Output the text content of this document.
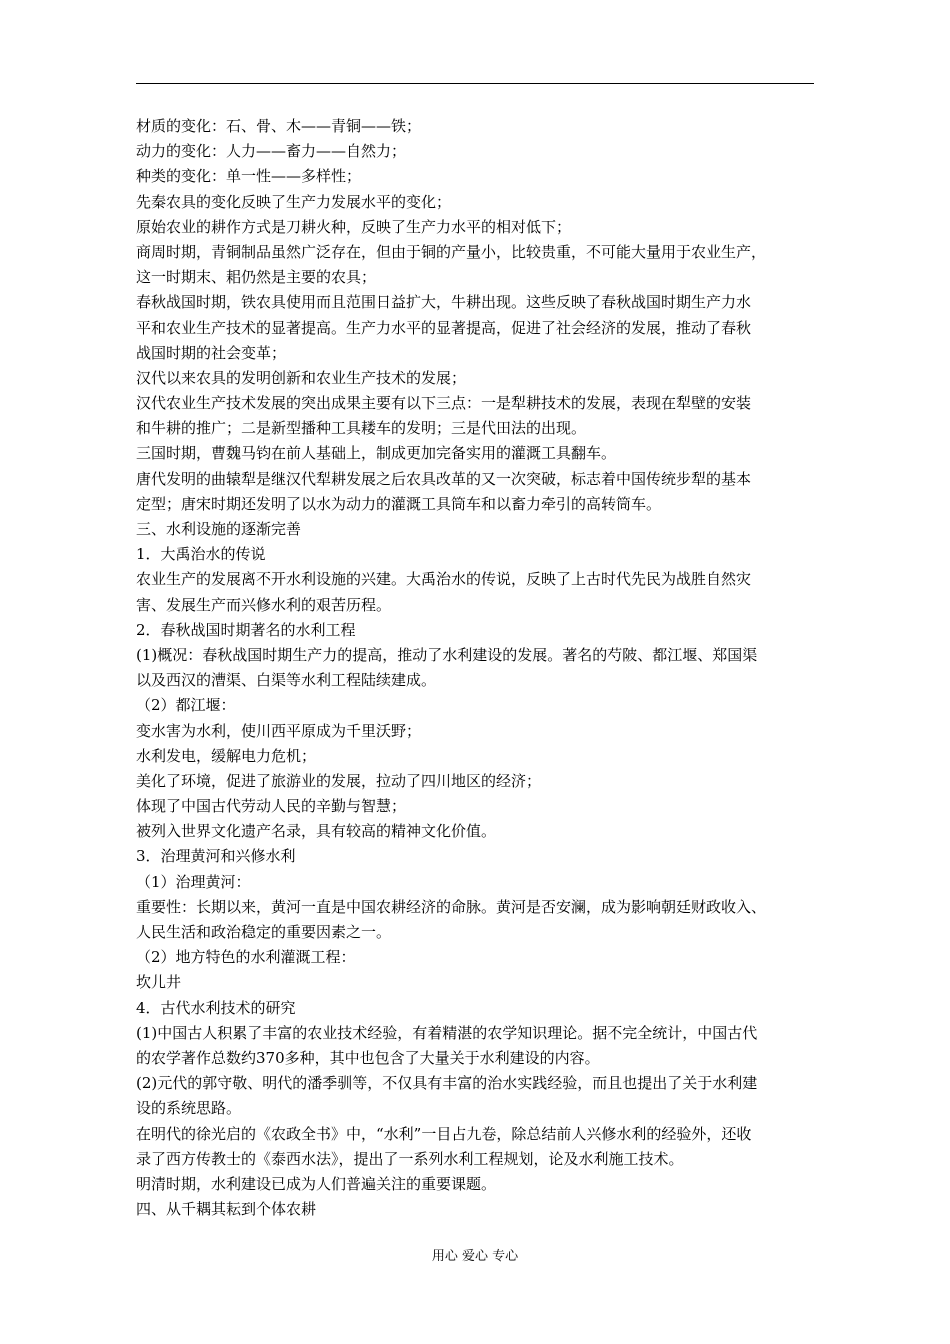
材质的变化：石、骨、木——青铜——铁；
动力的变化：人力——畜力——自然力；
种类的变化：单一性——多样性；
先秦农具的变化反映了生产力发展水平的变化；
原始农业的耕作方式是刀耕火种，反映了生产力水平的相对低下；
商周时期，青铜制品虽然广泛存在，但由于铜的产量小，比较贵重，不可能大量用于农业生产，
这一时期末、耜仍然是主要的农具；
春秋战国时期，铁农具使用而且范围日益扩大，牛耕出现。这些反映了春秋战国时期生产力水
平和农业生产技术的显著提高。生产力水平的显著提高，促进了社会经济的发展，推动了春秋
战国时期的社会变革；
汉代以来农具的发明创新和农业生产技术的发展；
汉代农业生产技术发展的突出成果主要有以下三点：一是犁耕技术的发展，表现在犁壁的安装
和牛耕的推广；二是新型播种工具耧车的发明；三是代田法的出现。
三国时期，曹魏马钧在前人基础上，制成更加完备实用的灌溉工具翻车。
唐代发明的曲辕犁是继汉代犁耕发展之后农具改革的又一次突破，标志着中国传统步犁的基本
定型；唐宋时期还发明了以水为动力的灌溉工具筒车和以畜力牵引的高转筒车。
三、水利设施的逐渐完善
1．大禹治水的传说
农业生产的发展离不开水利设施的兴建。大禹治水的传说，反映了上古时代先民为战胜自然灾
害、发展生产而兴修水利的艰苦历程。
2．春秋战国时期著名的水利工程
(1)概况：春秋战国时期生产力的提高，推动了水利建设的发展。著名的芍陂、都江堰、郑国渠
以及西汉的漕渠、白渠等水利工程陆续建成。
（2）都江堰：
变水害为水利，使川西平原成为千里沃野；
水利发电，缓解电力危机；
美化了环境，促进了旅游业的发展，拉动了四川地区的经济；
体现了中国古代劳动人民的辛勤与智慧；
被列入世界文化遗产名录，具有较高的精神文化价值。
3．治理黄河和兴修水利
（1）治理黄河：
重要性：长期以来，黄河一直是中国农耕经济的命脉。黄河是否安澜，成为影响朝廷财政收入、
人民生活和政治稳定的重要因素之一。
（2）地方特色的水利灌溉工程：
坎儿井
4．古代水利技术的研究
(1)中国古人积累了丰富的农业技术经验，有着精湛的农学知识理论。据不完全统计，中国古代
的农学著作总数约370多种，其中也包含了大量关于水利建设的内容。
(2)元代的郭守敬、明代的潘季驯等，不仅具有丰富的治水实践经验，而且也提出了关于水利建
设的系统思路。
在明代的徐光启的《农政全书》中，“水利”一目占九卷，除总结前人兴修水利的经验外，还收
录了西方传教士的《泰西水法》，提出了一系列水利工程规划，论及水利施工技术。
明清时期，水利建设已成为人们普遍关注的重要课题。
四、从千耦其耘到个体农耕
用心 爱心 专心
